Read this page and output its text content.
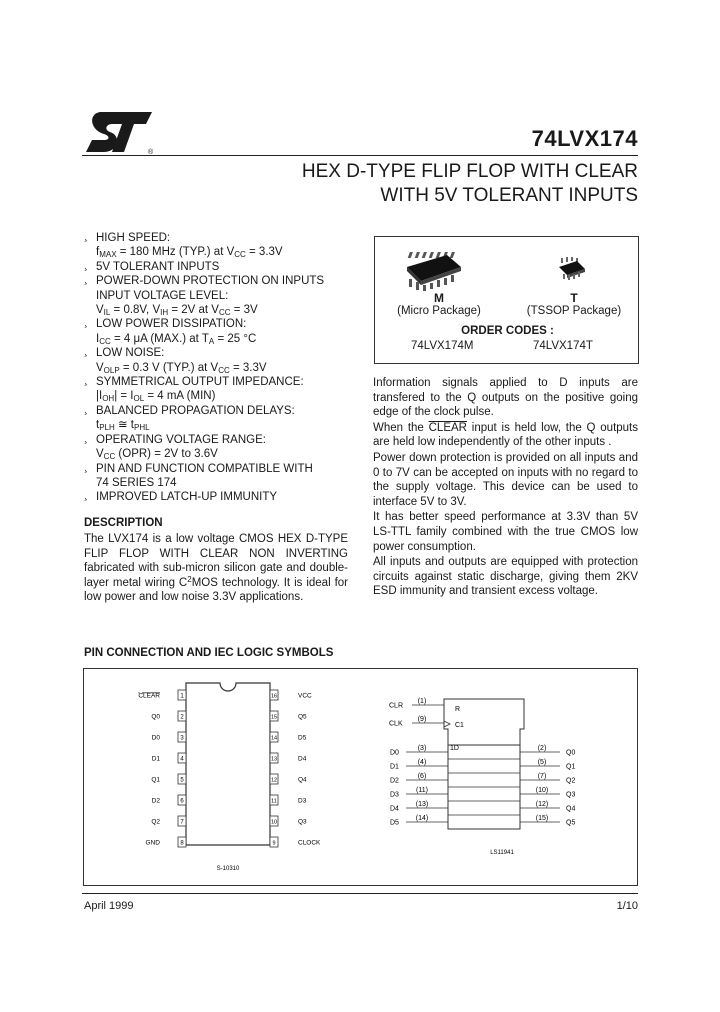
®
74LVX174
HEX D-TYPE FLIP FLOP WITH CLEAR
WITH 5V TOLERANT INPUTS
¸ HIGH SPEED:
$f_{MAX} = 180$ MHz (TYP.) at $V_{CC} = 3.3V$
¸ 5V TOLERANT INPUTS
¸ POWER-DOWN PROTECTION ON INPUTS
INPUT VOLTAGE LEVEL:
$V_{IL} = 0.8V$, $V_{IH} = 2V$ at $V_{CC} = 3V$
¸ LOW POWER DISSIPATION:
$I_{CC} = 4$ μA (MAX.) at $T_A = 25$ °C
¸ LOW NOISE:
$V_{OLP} = 0.3$ V (TYP.) at $V_{CC} = 3.3V$
¸ SYMMETRICAL OUTPUT IMPEDANCE:
$|I_{OH}| = I_{OL} = 4$ mA (MIN)
¸ BALANCED PROPAGATION DELAYS:
$t_{PLH}$ ≅ $t_{PHL}$
¸ OPERATING VOLTAGE RANGE:
$V_{CC}$ (OPR) = 2V to 3.6V
¸ PIN AND FUNCTION COMPATIBLE WITH
74 SERIES 174
¸ IMPROVED LATCH-UP IMMUNITY
DESCRIPTION
The LVX174 is a low voltage CMOS HEX D-TYPE FLIP FLOP WITH CLEAR NON INVERTING fabricated with sub-micron silicon gate and double-layer metal wiring $C^2MOS$ technology. It is ideal for low power and low noise 3.3V applications.
M
(Micro Package)
T
(TSSOP Package)
ORDER CODES :
74LVX174M	74LVX174T

Information signals applied to D inputs are transfered to the Q outputs on the positive going edge of the clock pulse.

When the CLEAR input is held low, the Q outputs are held low independently of the other inputs .

Power down protection is provided on all inputs and 0 to 7V can be accepted on inputs with no regard to the supply voltage. This device can be used to interface 5V to 3V.

It has better speed performance at 3.3V than 5V LS-TTL family combined with the true CMOS low power consumption.

All inputs and outputs are equipped with protection circuits against static discharge, giving them 2KV ESD immunity and transient excess voltage.

PIN CONNECTION AND IEC LOGIC SYMBOLS
1
CLEAR	16	VCC
2
Q0	15	Q5
3
D0	14	D5
4
D1	13	D4
5
Q1	12	Q4
6
D2	11	D3
7
Q2	10	Q3
8
GND	9	CLOCK
S-10310
R
C1
1D
CLR
(1)
CLK
(9)
D0
(3)	(2)
Q0
D1
(4)	(5)
Q1
D2
(6)	(7)
Q2
D3
(11)	(10)
Q3
D4
(13)	(12)
Q4
D5
(14)	(15)
Q5
LS11941
April 1999	1/10
